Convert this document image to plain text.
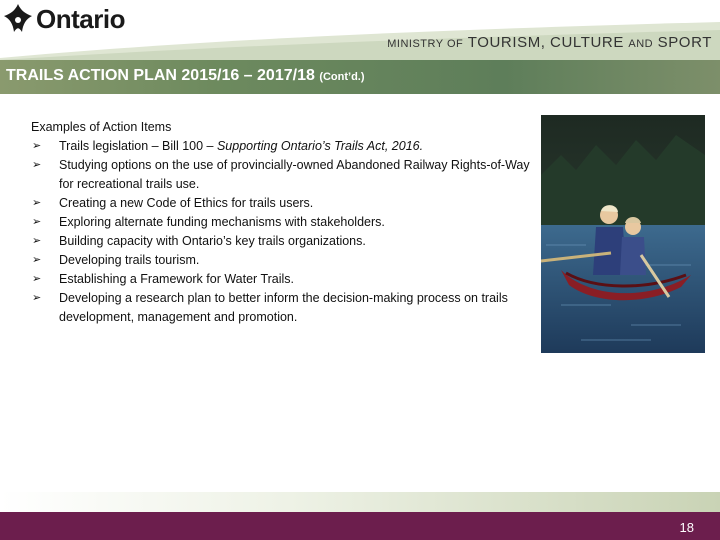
Ontario
MINISTRY OF TOURISM, CULTURE AND SPORT
TRAILS ACTION PLAN 2015/16 – 2017/18 (Cont’d.)
Examples of Action Items
➢ Trails legislation – Bill 100 – Supporting Ontario’s Trails Act, 2016.
➢ Studying options on the use of provincially-owned Abandoned Railway Rights-of-Way for recreational trails use.
➢ Creating a new Code of Ethics for trails users.
➢ Exploring alternate funding mechanisms with stakeholders.
➢ Building capacity with Ontario’s key trails organizations.
➢ Developing trails tourism.
➢ Establishing a Framework for Water Trails.
➢ Developing a research plan to better inform the decision-making process on trails development, management and promotion.
18
